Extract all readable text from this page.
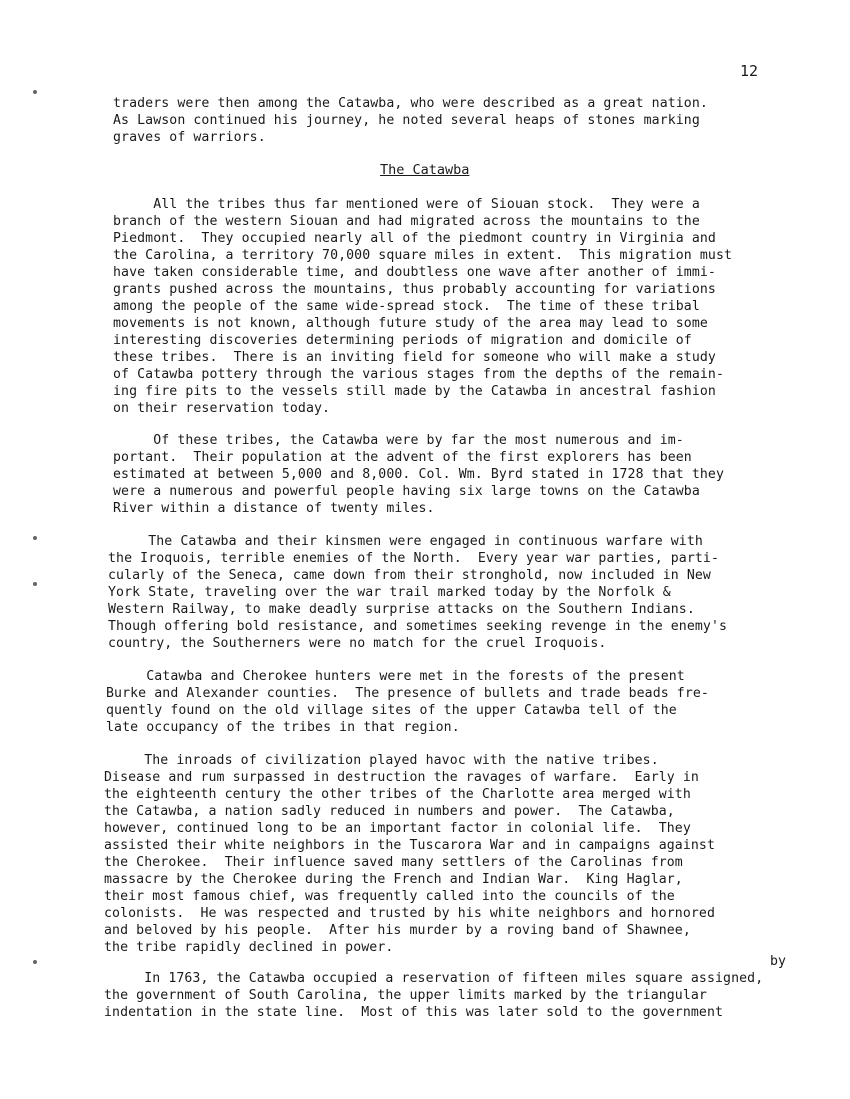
12
The Catawba
traders were then among the Catawba, who were described as a great nation.
As Lawson continued his journey, he noted several heaps of stones marking
graves of warriors.
All the tribes thus far mentioned were of Siouan stock.  They were a
branch of the western Siouan and had migrated across the mountains to the
Piedmont.  They occupied nearly all of the piedmont country in Virginia and
the Carolina, a territory 70,000 square miles in extent.  This migration must
have taken considerable time, and doubtless one wave after another of immi-
grants pushed across the mountains, thus probably accounting for variations
among the people of the same wide-spread stock.  The time of these tribal
movements is not known, although future study of the area may lead to some
interesting discoveries determining periods of migration and domicile of
these tribes.  There is an inviting field for someone who will make a study
of Catawba pottery through the various stages from the depths of the remain-
ing fire pits to the vessels still made by the Catawba in ancestral fashion
on their reservation today.
Of these tribes, the Catawba were by far the most numerous and im-
portant.  Their population at the advent of the first explorers has been
estimated at between 5,000 and 8,000. Col. Wm. Byrd stated in 1728 that they
were a numerous and powerful people having six large towns on the Catawba
River within a distance of twenty miles.
The Catawba and their kinsmen were engaged in continuous warfare with
the Iroquois, terrible enemies of the North.  Every year war parties, parti-
cularly of the Seneca, came down from their stronghold, now included in New
York State, traveling over the war trail marked today by the Norfolk &
Western Railway, to make deadly surprise attacks on the Southern Indians.
Though offering bold resistance, and sometimes seeking revenge in the enemy's
country, the Southerners were no match for the cruel Iroquois.
Catawba and Cherokee hunters were met in the forests of the present
Burke and Alexander counties.  The presence of bullets and trade beads fre-
quently found on the old village sites of the upper Catawba tell of the
late occupancy of the tribes in that region.
The inroads of civilization played havoc with the native tribes.
Disease and rum surpassed in destruction the ravages of warfare.  Early in
the eighteenth century the other tribes of the Charlotte area merged with
the Catawba, a nation sadly reduced in numbers and power.  The Catawba,
however, continued long to be an important factor in colonial life.  They
assisted their white neighbors in the Tuscarora War and in campaigns against
the Cherokee.  Their influence saved many settlers of the Carolinas from
massacre by the Cherokee during the French and Indian War.  King Haglar,
their most famous chief, was frequently called into the councils of the
colonists.  He was respected and trusted by his white neighbors and hornored
and beloved by his people.  After his murder by a roving band of Shawnee,
the tribe rapidly declined in power.
by
In 1763, the Catawba occupied a reservation of fifteen miles square assigned,
the government of South Carolina, the upper limits marked by the triangular
indentation in the state line.  Most of this was later sold to the government
